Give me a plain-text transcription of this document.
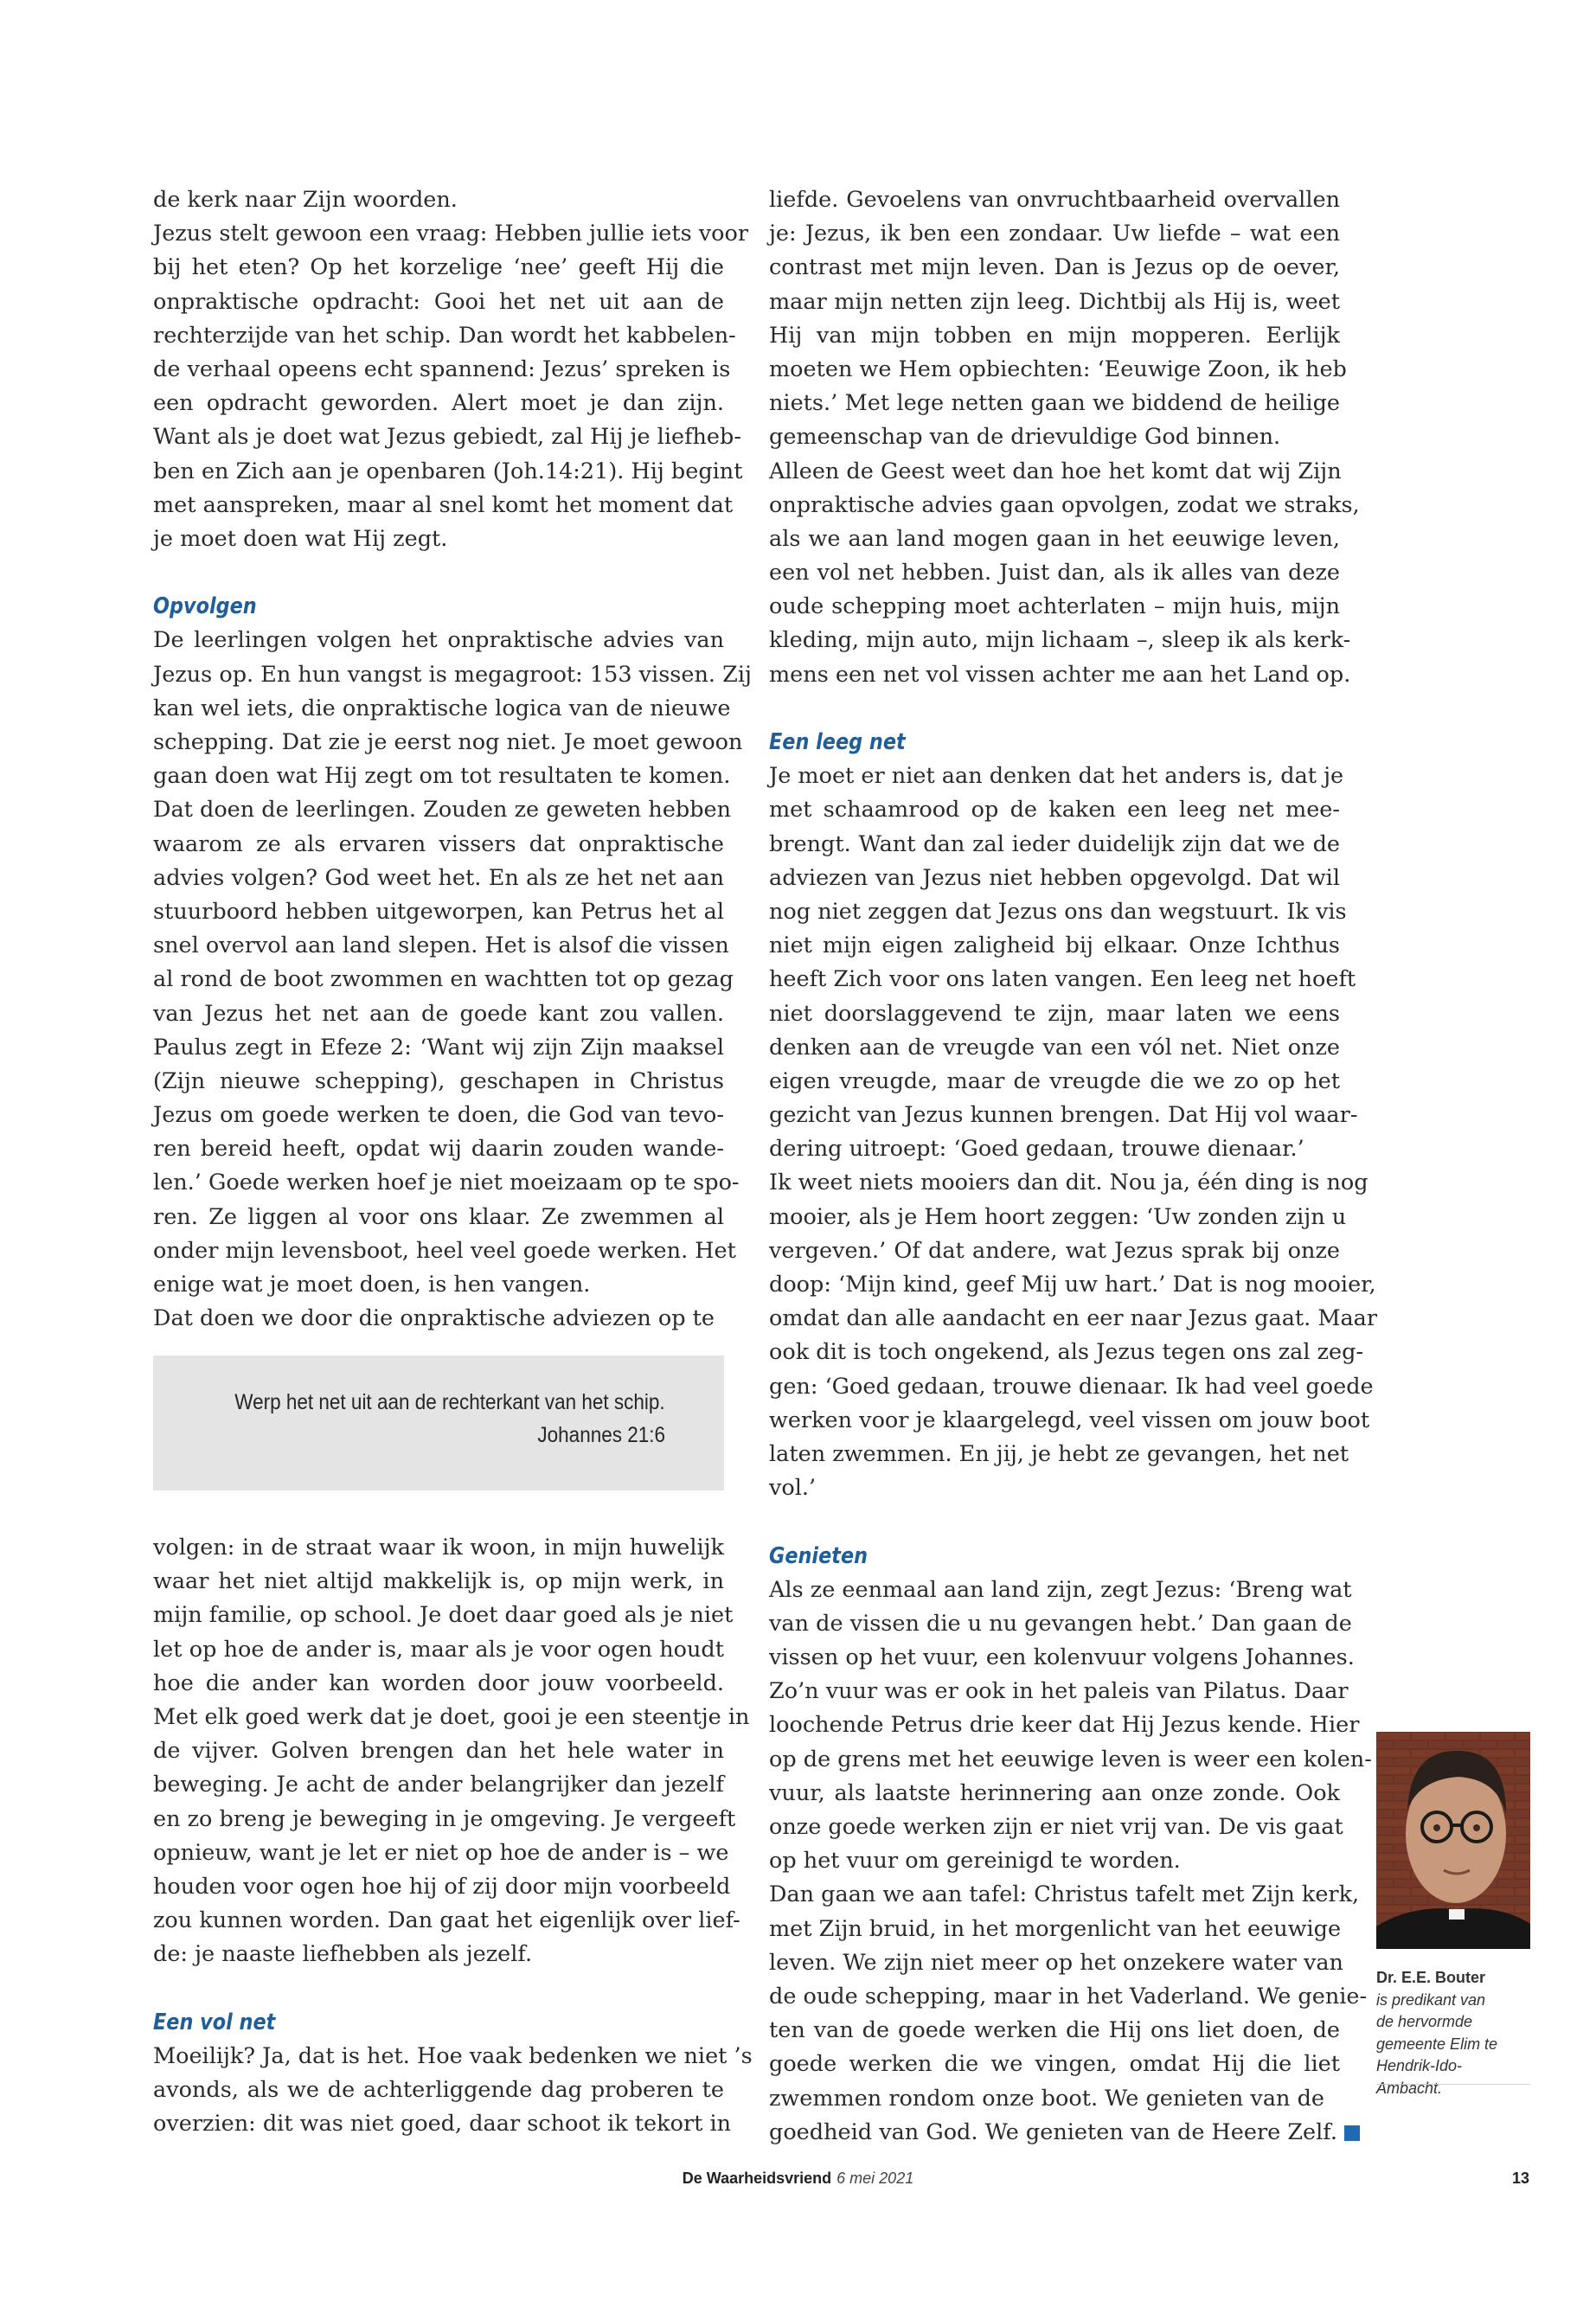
de kerk naar Zijn woorden.
Jezus stelt gewoon een vraag: Hebben jullie iets voor
bij het eten? Op het korzelige ‘nee’ geeft Hij die
onpraktische opdracht: Gooi het net uit aan de
rechterzijde van het schip. Dan wordt het kabbelen-
de verhaal opeens echt spannend: Jezus’ spreken is
een opdracht geworden. Alert moet je dan zijn.
Want als je doet wat Jezus gebiedt, zal Hij je liefheb-
ben en Zich aan je openbaren (Joh.14:21). Hij begint
met aanspreken, maar al snel komt het moment dat
je moet doen wat Hij zegt.
Opvolgen
De leerlingen volgen het onpraktische advies van
Jezus op. En hun vangst is megagroot: 153 vissen. Zij
kan wel iets, die onpraktische logica van de nieuwe
schepping. Dat zie je eerst nog niet. Je moet gewoon
gaan doen wat Hij zegt om tot resultaten te komen.
Dat doen de leerlingen. Zouden ze geweten hebben
waarom ze als ervaren vissers dat onpraktische
advies volgen? God weet het. En als ze het net aan
stuurboord hebben uitgeworpen, kan Petrus het al
snel overvol aan land slepen. Het is alsof die vissen
al rond de boot zwommen en wachtten tot op gezag
van Jezus het net aan de goede kant zou vallen.
Paulus zegt in Efeze 2: ‘Want wij zijn Zijn maaksel
(Zijn nieuwe schepping), geschapen in Christus
Jezus om goede werken te doen, die God van tevo-
ren bereid heeft, opdat wij daarin zouden wande-
len.’ Goede werken hoef je niet moeizaam op te spo-
ren. Ze liggen al voor ons klaar. Ze zwemmen al
onder mijn levensboot, heel veel goede werken. Het
enige wat je moet doen, is hen vangen.
Dat doen we door die onpraktische adviezen op te
Werp het net uit aan de rechterkant van het schip.
Johannes 21:6
volgen: in de straat waar ik woon, in mijn huwelijk
waar het niet altijd makkelijk is, op mijn werk, in
mijn familie, op school. Je doet daar goed als je niet
let op hoe de ander is, maar als je voor ogen houdt
hoe die ander kan worden door jouw voorbeeld.
Met elk goed werk dat je doet, gooi je een steentje in
de vijver. Golven brengen dan het hele water in
beweging. Je acht de ander belangrijker dan jezelf
en zo breng je beweging in je omgeving. Je vergeeft
opnieuw, want je let er niet op hoe de ander is – we
houden voor ogen hoe hij of zij door mijn voorbeeld
zou kunnen worden. Dan gaat het eigenlijk over lief-
de: je naaste liefhebben als jezelf.
Een vol net
Moeilijk? Ja, dat is het. Hoe vaak bedenken we niet ’s
avonds, als we de achterliggende dag proberen te
overzien: dit was niet goed, daar schoot ik tekort in
liefde. Gevoelens van onvruchtbaarheid overvallen
je: Jezus, ik ben een zondaar. Uw liefde – wat een
contrast met mijn leven. Dan is Jezus op de oever,
maar mijn netten zijn leeg. Dichtbij als Hij is, weet
Hij van mijn tobben en mijn mopperen. Eerlijk
moeten we Hem opbiechten: ‘Eeuwige Zoon, ik heb
niets.’ Met lege netten gaan we biddend de heilige
gemeenschap van de drievuldige God binnen.
Alleen de Geest weet dan hoe het komt dat wij Zijn
onpraktische advies gaan opvolgen, zodat we straks,
als we aan land mogen gaan in het eeuwige leven,
een vol net hebben. Juist dan, als ik alles van deze
oude schepping moet achterlaten – mijn huis, mijn
kleding, mijn auto, mijn lichaam –, sleep ik als kerk-
mens een net vol vissen achter me aan het Land op.
Een leeg net
Je moet er niet aan denken dat het anders is, dat je
met schaamrood op de kaken een leeg net mee-
brengt. Want dan zal ieder duidelijk zijn dat we de
adviezen van Jezus niet hebben opgevolgd. Dat wil
nog niet zeggen dat Jezus ons dan wegstuurt. Ik vis
niet mijn eigen zaligheid bij elkaar. Onze Ichthus
heeft Zich voor ons laten vangen. Een leeg net hoeft
niet doorslaggevend te zijn, maar laten we eens
denken aan de vreugde van een vól net. Niet onze
eigen vreugde, maar de vreugde die we zo op het
gezicht van Jezus kunnen brengen. Dat Hij vol waar-
dering uitroept: ‘Goed gedaan, trouwe dienaar.’
Ik weet niets mooiers dan dit. Nou ja, één ding is nog
mooier, als je Hem hoort zeggen: ‘Uw zonden zijn u
vergeven.’ Of dat andere, wat Jezus sprak bij onze
doop: ‘Mijn kind, geef Mij uw hart.’ Dat is nog mooier,
omdat dan alle aandacht en eer naar Jezus gaat. Maar
ook dit is toch ongekend, als Jezus tegen ons zal zeg-
gen: ‘Goed gedaan, trouwe dienaar. Ik had veel goede
werken voor je klaargelegd, veel vissen om jouw boot
laten zwemmen. En jij, je hebt ze gevangen, het net
vol.’
Genieten
Als ze eenmaal aan land zijn, zegt Jezus: ‘Breng wat
van de vissen die u nu gevangen hebt.’ Dan gaan de
vissen op het vuur, een kolenvuur volgens Johannes.
Zo’n vuur was er ook in het paleis van Pilatus. Daar
loochende Petrus drie keer dat Hij Jezus kende. Hier
op de grens met het eeuwige leven is weer een kolen-
vuur, als laatste herinnering aan onze zonde. Ook
onze goede werken zijn er niet vrij van. De vis gaat
op het vuur om gereinigd te worden.
Dan gaan we aan tafel: Christus tafelt met Zijn kerk,
met Zijn bruid, in het morgenlicht van het eeuwige
leven. We zijn niet meer op het onzekere water van
de oude schepping, maar in het Vaderland. We genie-
ten van de goede werken die Hij ons liet doen, de
goede werken die we vingen, omdat Hij die liet
zwemmen rondom onze boot. We genieten van de
goedheid van God. We genieten van de Heere Zelf.
Dr. E.E. Bouter
is predikant van
de hervormde
gemeente Elim te
Hendrik-Ido-
Ambacht.
De Waarheidsvriend 6 mei 2021	13
